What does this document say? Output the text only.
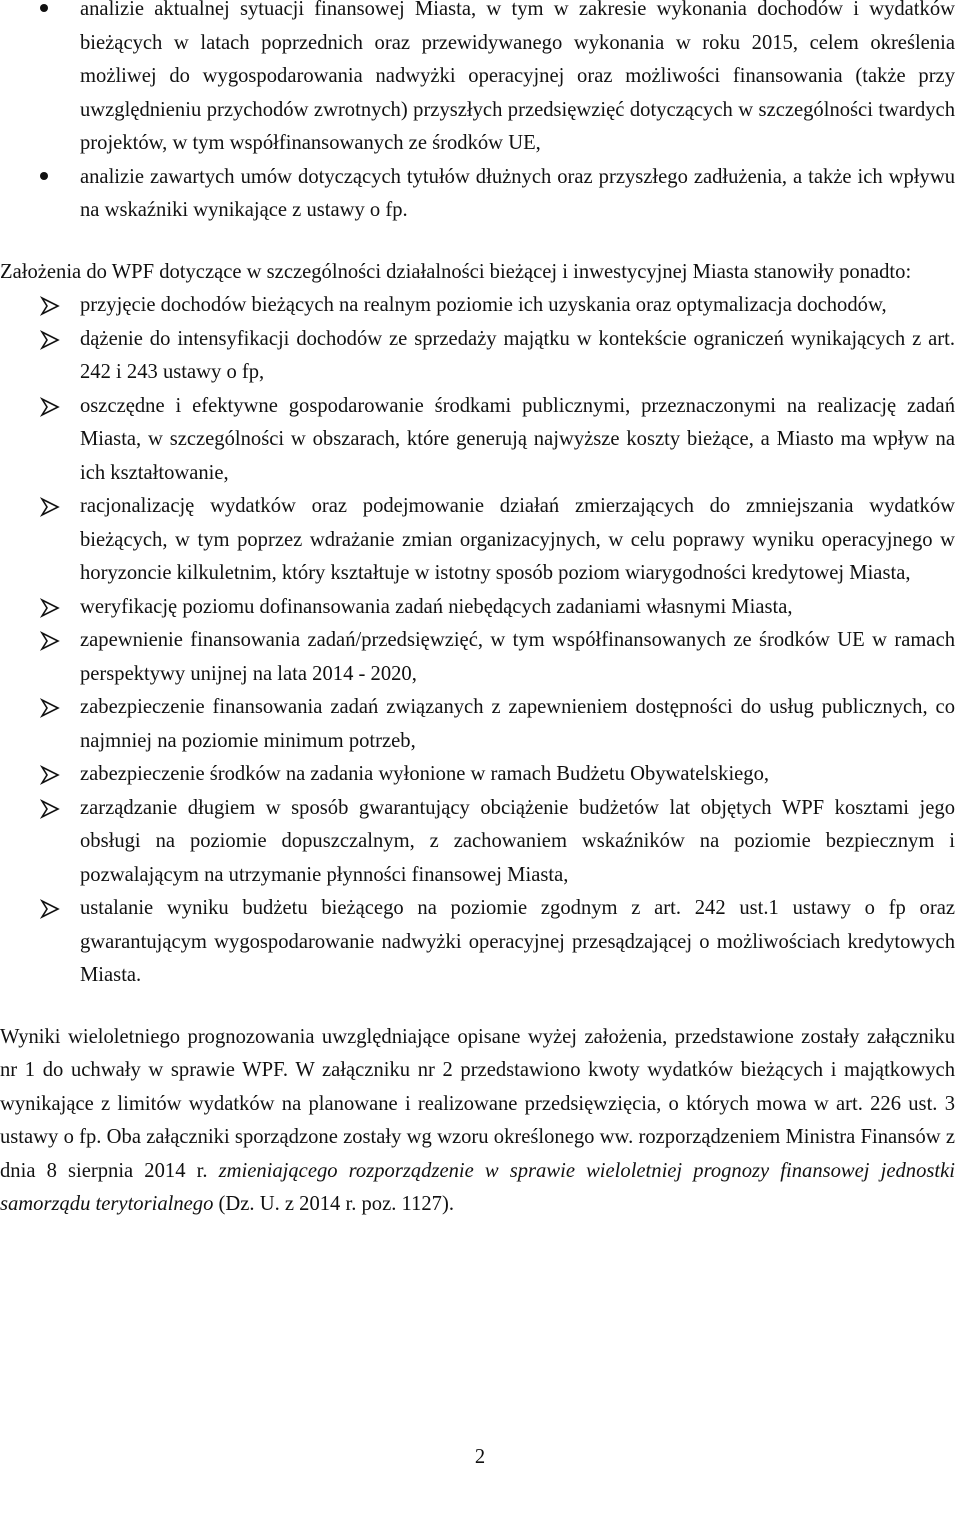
analizie aktualnej sytuacji finansowej Miasta, w tym w zakresie wykonania dochodów i wydatków bieżących w latach poprzednich oraz przewidywanego wykonania w roku 2015, celem określenia możliwej do wygospodarowania nadwyżki operacyjnej oraz możliwości finansowania (także przy uwzględnieniu przychodów zwrotnych) przyszłych przedsięwzięć dotyczących w szczególności twardych projektów, w tym współfinansowanych ze środków UE,
analizie zawartych umów dotyczących tytułów dłużnych oraz przyszłego zadłużenia, a także ich wpływu na wskaźniki wynikające z ustawy o fp.

Założenia do WPF dotyczące w szczególności działalności bieżącej i inwestycyjnej Miasta stanowiły ponadto:

przyjęcie dochodów bieżących na realnym poziomie ich uzyskania oraz optymalizacja dochodów,
dążenie do intensyfikacji dochodów ze sprzedaży majątku w kontekście ograniczeń wynikających z art. 242 i 243 ustawy o fp,
oszczędne i efektywne gospodarowanie środkami publicznymi, przeznaczonymi na realizację zadań Miasta, w szczególności w obszarach, które generują najwyższe koszty bieżące, a Miasto ma wpływ na ich kształtowanie,
racjonalizację wydatków oraz podejmowanie działań zmierzających do zmniejszania wydatków bieżących, w tym poprzez wdrażanie zmian organizacyjnych, w celu poprawy wyniku operacyjnego w horyzoncie kilkuletnim, który kształtuje w istotny sposób poziom wiarygodności kredytowej Miasta,
weryfikację poziomu dofinansowania zadań niebędących zadaniami własnymi Miasta,
zapewnienie finansowania zadań/przedsięwzięć, w tym współfinansowanych ze środków UE w ramach perspektywy unijnej na lata 2014 - 2020,
zabezpieczenie finansowania zadań związanych z zapewnieniem dostępności do usług publicznych, co najmniej na poziomie minimum potrzeb,
zabezpieczenie środków na zadania wyłonione w ramach Budżetu Obywatelskiego,
zarządzanie długiem w sposób gwarantujący obciążenie budżetów lat objętych WPF kosztami jego obsługi na poziomie dopuszczalnym, z zachowaniem wskaźników na poziomie bezpiecznym i pozwalającym na utrzymanie płynności finansowej Miasta,
ustalanie wyniku budżetu bieżącego na poziomie zgodnym z art. 242 ust.1 ustawy o fp oraz gwarantującym wygospodarowanie nadwyżki operacyjnej przesądzającej o możliwościach kredytowych Miasta.

Wyniki wieloletniego prognozowania uwzględniające opisane wyżej założenia, przedstawione zostały załączniku nr 1 do uchwały w sprawie WPF. W załączniku nr 2 przedstawiono kwoty wydatków bieżących i majątkowych wynikające z limitów wydatków na planowane i realizowane przedsięwzięcia, o których mowa w art. 226 ust. 3 ustawy o fp. Oba załączniki sporządzone zostały wg wzoru określonego ww. rozporządzeniem Ministra Finansów z dnia 8 sierpnia 2014 r. zmieniającego rozporządzenie w sprawie wieloletniej prognozy finansowej jednostki samorządu terytorialnego (Dz. U. z 2014 r. poz. 1127).

2
